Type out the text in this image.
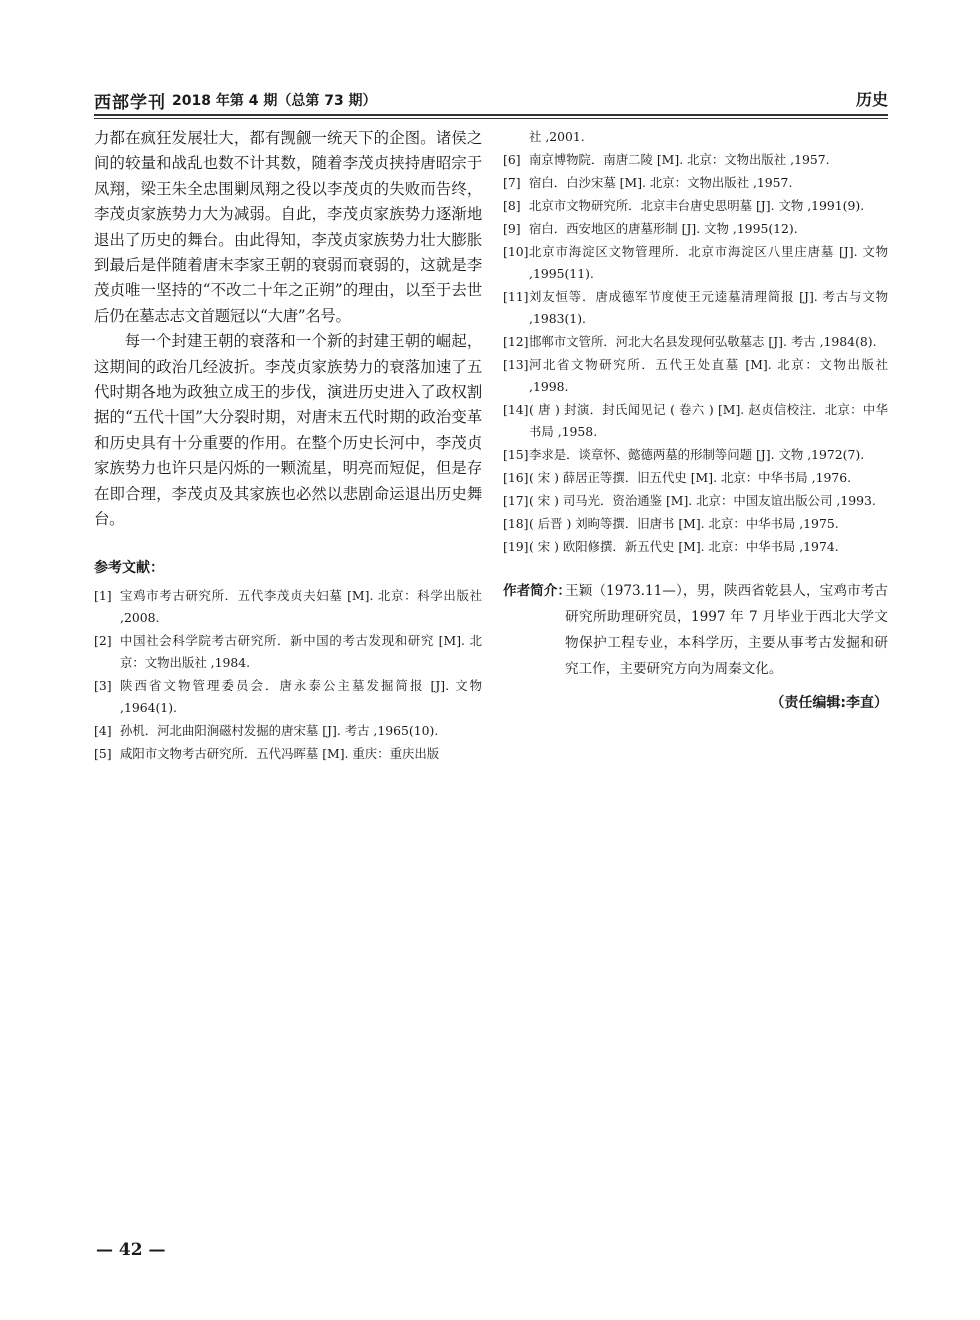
西部学刊 2018 年第 4 期（总第 73 期）	历史

力都在疯狂发展壮大，都有觊觎一统天下的企图。诸侯之间的较量和战乱也数不计其数，随着李茂贞挟持唐昭宗于凤翔，梁王朱全忠围剿凤翔之役以李茂贞的失败而告终，李茂贞家族势力大为减弱。自此，李茂贞家族势力逐渐地退出了历史的舞台。由此得知，李茂贞家族势力壮大膨胀到最后是伴随着唐末李家王朝的衰弱而衰弱的，这就是李茂贞唯一坚持的“不改二十年之正朔”的理由，以至于去世后仍在墓志志文首题冠以“大唐”名号。

每一个封建王朝的衰落和一个新的封建王朝的崛起，这期间的政治几经波折。李茂贞家族势力的衰落加速了五代时期各地为政独立成王的步伐，演进历史进入了政权割据的“五代十国”大分裂时期，对唐末五代时期的政治变革和历史具有十分重要的作用。在整个历史长河中，李茂贞家族势力也许只是闪烁的一颗流星，明亮而短促，但是存在即合理，李茂贞及其家族也必然以悲剧命运退出历史舞台。

参考文献：
[1] 宝鸡市考古研究所．五代李茂贞夫妇墓 [M]. 北京：科学出版社 ,2008.
[2] 中国社会科学院考古研究所．新中国的考古发现和研究 [M]. 北京：文物出版社 ,1984.
[3] 陕西省文物管理委员会．唐永泰公主墓发掘简报 [J]. 文物 ,1964(1).
[4] 孙机．河北曲阳涧磁村发掘的唐宋墓 [J]. 考古 ,1965(10).
[5] 咸阳市文物考古研究所．五代冯晖墓 [M]. 重庆：重庆出版
社 ,2001.
[6] 南京博物院．南唐二陵 [M]. 北京：文物出版社 ,1957.
[7] 宿白．白沙宋墓 [M]. 北京：文物出版社 ,1957.
[8] 北京市文物研究所．北京丰台唐史思明墓 [J]. 文物 ,1991(9).
[9] 宿白．西安地区的唐墓形制 [J]. 文物 ,1995(12).
[10] 北京市海淀区文物管理所．北京市海淀区八里庄唐墓 [J]. 文物 ,1995(11).
[11] 刘友恒等．唐成德军节度使王元逵墓清理简报 [J]. 考古与文物 ,1983(1).
[12] 邯郸市文管所．河北大名县发现何弘敬墓志 [J]. 考古 ,1984(8).
[13] 河北省文物研究所．五代王处直墓 [M]. 北京：文物出版社 ,1998.
[14] ( 唐 ) 封演．封氏闻见记 ( 卷六 ) [M]. 赵贞信校注．北京：中华书局 ,1958.
[15] 李求是．谈章怀、懿德两墓的形制等问题 [J]. 文物 ,1972(7).
[16] ( 宋 ) 薛居正等撰．旧五代史 [M]. 北京：中华书局 ,1976.
[17] ( 宋 ) 司马光．资治通鉴 [M]. 北京：中国友谊出版公司 ,1993.
[18] ( 后晋 ) 刘昫等撰．旧唐书 [M]. 北京：中华书局 ,1975.
[19] ( 宋 ) 欧阳修撰．新五代史 [M]. 北京：中华书局 ,1974.
作者简介：
王颖（1973.11—），男，陕西省乾县人，宝鸡市考古研究所助理研究员，1997 年 7 月毕业于西北大学文物保护工程专业，本科学历，主要从事考古发掘和研究工作，主要研究方向为周秦文化。
（责任编辑:李直）
— 42 —
